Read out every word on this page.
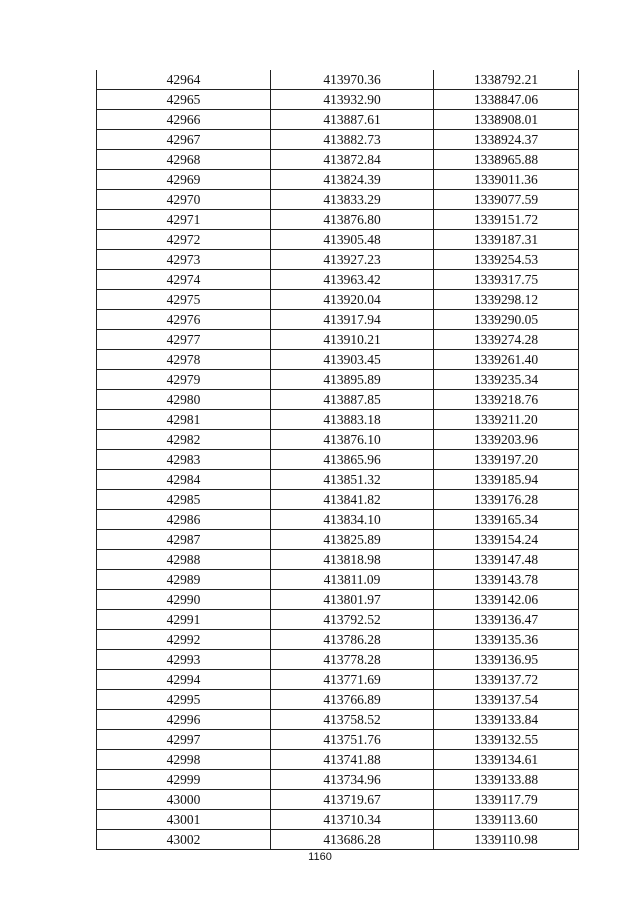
42964	413970.36	1338792.21
42965	413932.90	1338847.06
42966	413887.61	1338908.01
42967	413882.73	1338924.37
42968	413872.84	1338965.88
42969	413824.39	1339011.36
42970	413833.29	1339077.59
42971	413876.80	1339151.72
42972	413905.48	1339187.31
42973	413927.23	1339254.53
42974	413963.42	1339317.75
42975	413920.04	1339298.12
42976	413917.94	1339290.05
42977	413910.21	1339274.28
42978	413903.45	1339261.40
42979	413895.89	1339235.34
42980	413887.85	1339218.76
42981	413883.18	1339211.20
42982	413876.10	1339203.96
42983	413865.96	1339197.20
42984	413851.32	1339185.94
42985	413841.82	1339176.28
42986	413834.10	1339165.34
42987	413825.89	1339154.24
42988	413818.98	1339147.48
42989	413811.09	1339143.78
42990	413801.97	1339142.06
42991	413792.52	1339136.47
42992	413786.28	1339135.36
42993	413778.28	1339136.95
42994	413771.69	1339137.72
42995	413766.89	1339137.54
42996	413758.52	1339133.84
42997	413751.76	1339132.55
42998	413741.88	1339134.61
42999	413734.96	1339133.88
43000	413719.67	1339117.79
43001	413710.34	1339113.60
43002	413686.28	1339110.98
1160
